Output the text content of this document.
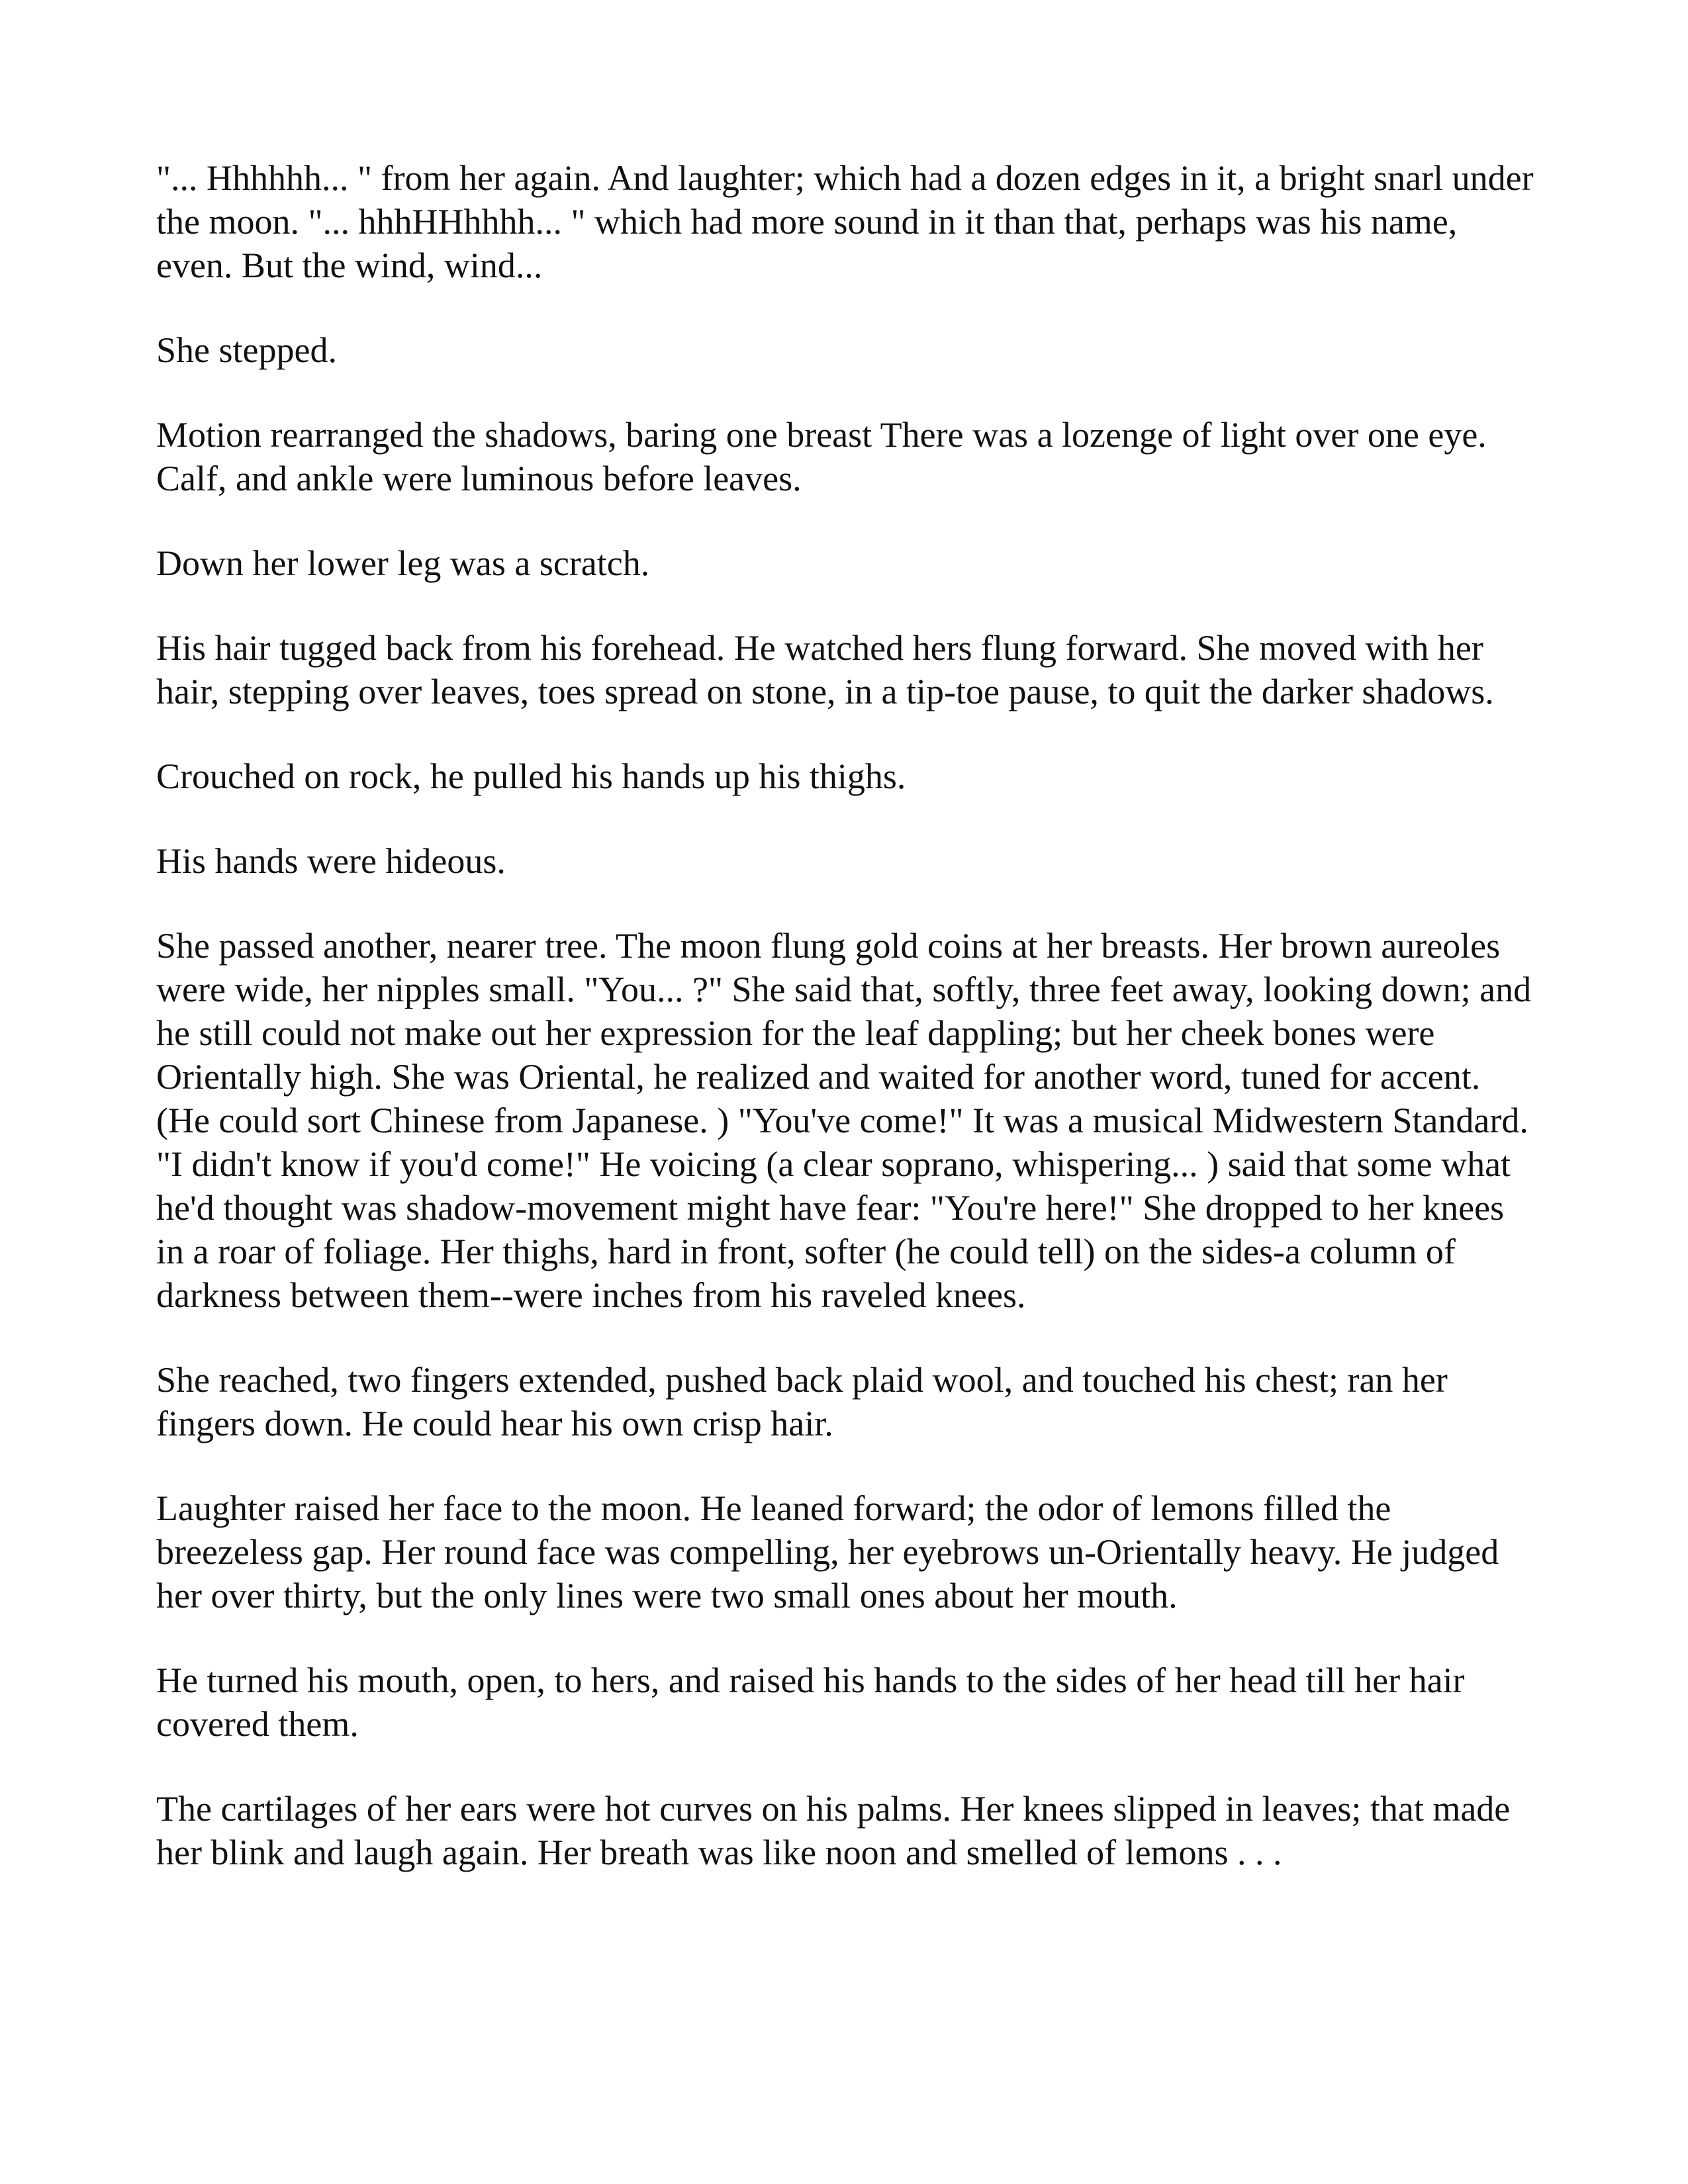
"... Hhhhhh... " from her again. And laughter; which had a dozen edges in it, a bright snarl under the moon. "... hhhHHhhhh... " which had more sound in it than that, perhaps was his name, even. But the wind, wind...

She stepped.

Motion rearranged the shadows, baring one breast There was a lozenge of light over one eye. Calf, and ankle were luminous before leaves.

Down her lower leg was a scratch.

His hair tugged back from his forehead. He watched hers flung forward. She moved with her hair, stepping over leaves, toes spread on stone, in a tip-toe pause, to quit the darker shadows.

Crouched on rock, he pulled his hands up his thighs.

His hands were hideous.

She passed another, nearer tree. The moon flung gold coins at her breasts. Her brown aureoles were wide, her nipples small. "You... ?" She said that, softly, three feet away, looking down; and he still could not make out her expression for the leaf dappling; but her cheek bones were Orientally high. She was Oriental, he realized and waited for another word, tuned for accent. (He could sort Chinese from Japanese. ) "You've come!" It was a musical Midwestern Standard. "I didn't know if you'd come!" He voicing (a clear soprano, whispering... ) said that some what he'd thought was shadow-movement might have fear: "You're here!" She dropped to her knees in a roar of foliage. Her thighs, hard in front, softer (he could tell) on the sides-a column of darkness between them--were inches from his raveled knees.

She reached, two fingers extended, pushed back plaid wool, and touched his chest; ran her fingers down. He could hear his own crisp hair.

Laughter raised her face to the moon. He leaned forward; the odor of lemons filled the breezeless gap. Her round face was compelling, her eyebrows un-Orientally heavy. He judged her over thirty, but the only lines were two small ones about her mouth.

He turned his mouth, open, to hers, and raised his hands to the sides of her head till her hair covered them.

The cartilages of her ears were hot curves on his palms. Her knees slipped in leaves; that made her blink and laugh again. Her breath was like noon and smelled of lemons . . .
